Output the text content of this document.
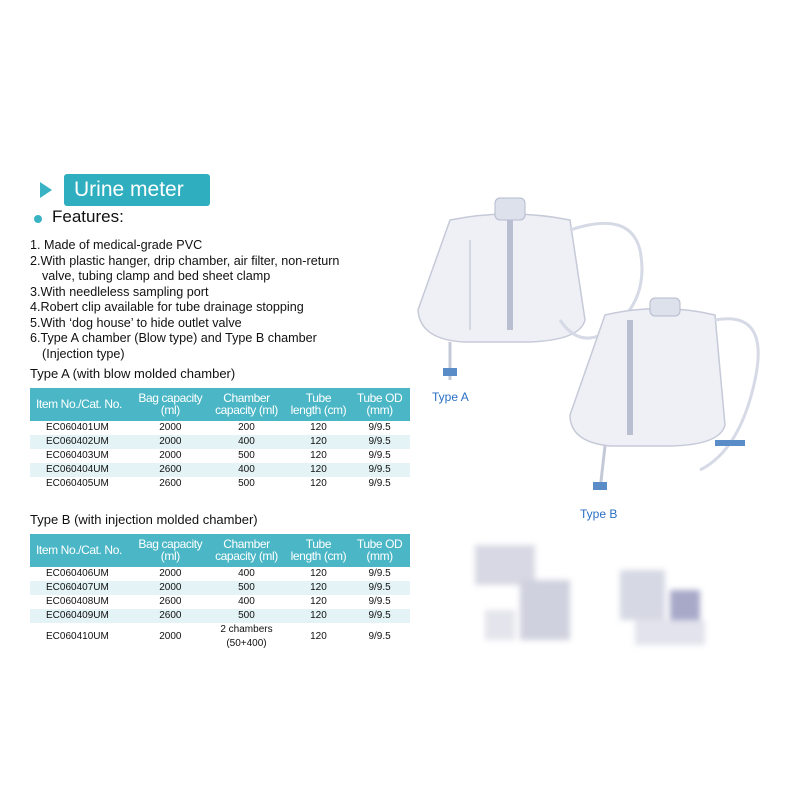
Urine meter
Features:
1. Made of medical-grade PVC
2.With plastic hanger, drip chamber, air filter, non-return
valve, tubing clamp and bed sheet clamp
3.With needleless sampling port
4.Robert clip available for tube drainage stopping
5.With ‘dog house’ to hide outlet valve
6.Type A chamber (Blow type) and Type B chamber
(Injection type)
Type A (with blow molded chamber)
Item No./Cat. No.	Bag capacity (ml)	Chamber capacity (ml)	Tube length (cm)	Tube OD (mm)
EC060401UM	2000	200	120	9/9.5
EC060402UM	2000	400	120	9/9.5
EC060403UM	2000	500	120	9/9.5
EC060404UM	2600	400	120	9/9.5
EC060405UM	2600	500	120	9/9.5
Type B (with injection molded chamber)
Item No./Cat. No.	Bag capacity (ml)	Chamber capacity (ml)	Tube length (cm)	Tube OD (mm)
EC060406UM	2000	400	120	9/9.5
EC060407UM	2000	500	120	9/9.5
EC060408UM	2600	400	120	9/9.5
EC060409UM	2600	500	120	9/9.5
EC060410UM	2000	2 chambers (50+400)	120	9/9.5
Type A
Type B
